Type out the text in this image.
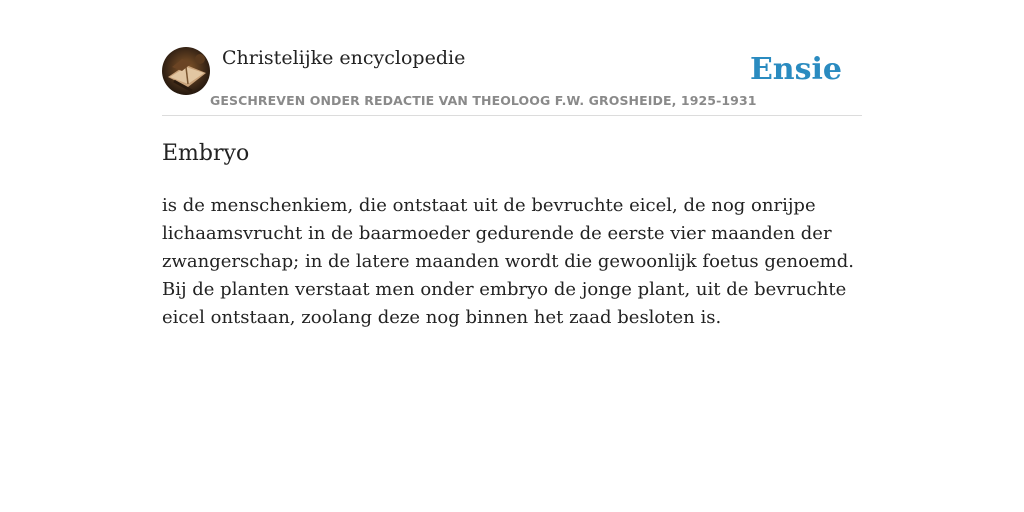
Christelijke encyclopedie
GESCHREVEN ONDER REDACTIE VAN THEOLOOG F.W. GROSHEIDE, 1925-1931
Ensie
Embryo

is de menschenkiem, die ontstaat uit de bevruchte eicel, de nog onrijpe lichaamsvrucht in de baarmoeder gedurende de eerste vier maanden der zwangerschap; in de latere maanden wordt die gewoonlijk foetus genoemd. Bij de planten verstaat men onder embryo de jonge plant, uit de bevruchte eicel ontstaan, zoolang deze nog binnen het zaad besloten is.
